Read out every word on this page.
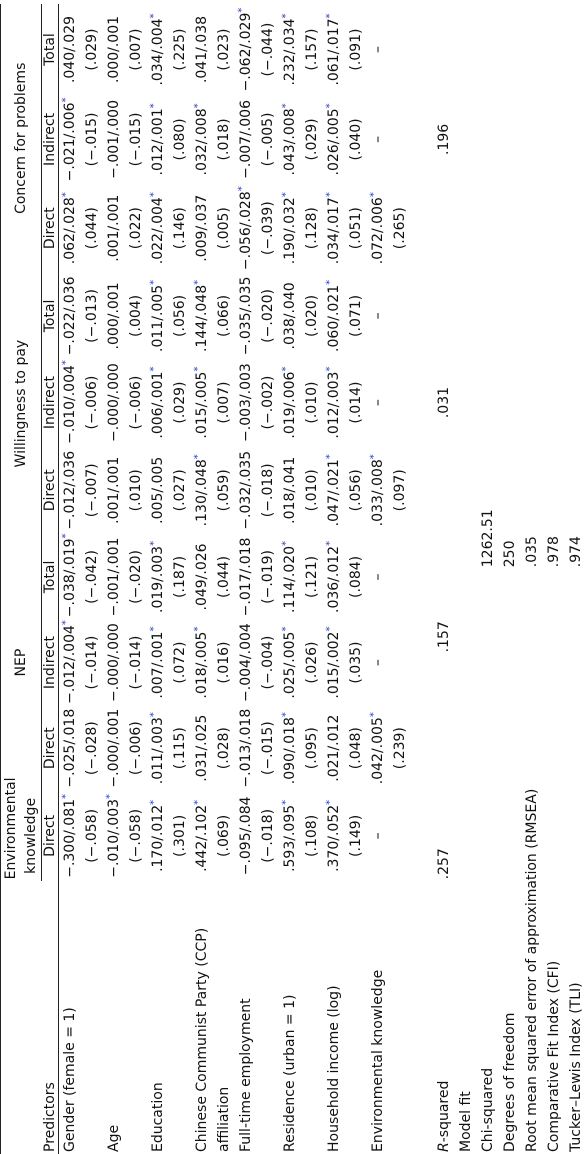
Predictors	Environmental knowledge	NEP			Willingness to pay			Concern for problems		
	Direct	Direct	Indirect	Total	Direct	Indirect	Total	Direct	Indirect	Total
Gender (female = 1)	−.300/.081*	−.025/.018	−.012/.004*	−.038/.019*	−.012/.036	−.010/.004*	−.022/.036	.062/.028*	−.021/.006*	.040/.029
	(−.058)	(−.028)	(−.014)	(−.042)	(−.007)	(−.006)	(−.013)	(.044)	(−.015)	(.029)
Age	−.010/.003*	−.000/.001	−.000/.000	−.001/.001	.001/.001	−.000/.000	.000/.001	.001/.001	−.001/.000	.000/.001
	(−.058)	(−.006)	(−.014)	(−.020)	(.010)	(−.006)	(.004)	(.022)	(−.015)	(.007)
Education	.170/.012*	.011/.003*	.007/.001*	.019/.003*	.005/.005	.006/.001*	.011/.005*	.022/.004*	.012/.001*	.034/.004*
	(.301)	(.115)	(.072)	(.187)	(.027)	(.029)	(.056)	(.146)	(.080)	(.225)
Chinese Communist Party (CCP)	.442/.102*	.031/.025	.018/.005*	.049/.026	.130/.048*	.015/.005*	.144/.048*	.009/.037	.032/.008*	.041/.038
affiliation	(.069)	(.028)	(.016)	(.044)	(.059)	(.007)	(.066)	(.005)	(.018)	(.023)
Full-time employment	−.095/.084	−.013/.018	−.004/.004	−.017/.018	−.032/.035	−.003/.003	−.035/.035	−.056/.028*	−.007/.006	−.062/.029*
	(−.018)	(−.015)	(−.004)	(−.019)	(−.018)	(−.002)	(−.020)	(−.039)	(−.005)	(−.044)
Residence (urban = 1)	.593/.095*	.090/.018*	.025/.005*	.114/.020*	.018/.041	.019/.006*	.038/.040	.190/.032*	.043/.008*	.232/.034*
	(.108)	(.095)	(.026)	(.121)	(.010)	(.010)	(.020)	(.128)	(.029)	(.157)
Household income (log)	.370/.052*	.021/.012	.015/.002*	.036/.012*	.047/.021*	.012/.003*	.060/.021*	.034/.017*	.026/.005*	.061/.017*
	(.149)	(.048)	(.035)	(.084)	(.056)	(.014)	(.071)	(.051)	(.040)	(.091)
Environmental knowledge	–	.042/.005*	–	–	.033/.008*	–	–	.072/.006*	–	–
		(.239)			(.097)			(.265)		

R-squared	.257		.157			.031			.196	
Model fit										
Chi-squared				1262.51						
Degrees of freedom				250						
Root mean squared error of approximation (RMSEA)				.035						
Comparative Fit Index (CFI)				.978						
Tucker–Lewis Index (TLI)				.974						
